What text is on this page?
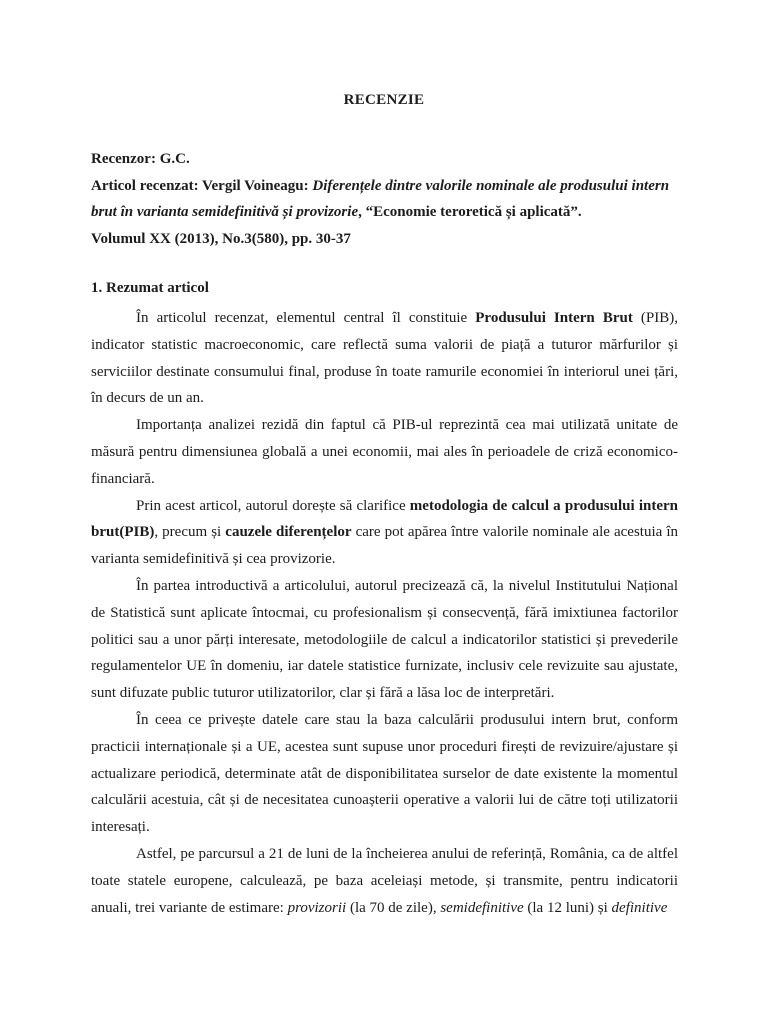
RECENZIE
Recenzor: G.C.
Articol recenzat: Vergil Voineagu: Diferențele dintre valorile nominale ale produsului intern brut în varianta semidefinitivă și provizorie, “Economie teroretică și aplicată”.
Volumul XX (2013), No.3(580), pp. 30-37
1. Rezumat articol

În articolul recenzat, elementul central îl constituie Produsului Intern Brut (PIB), indicator statistic macroeconomic, care reflectă suma valorii de piață a tuturor mărfurilor și serviciilor destinate consumului final, produse în toate ramurile economiei în interiorul unei țări, în decurs de un an.

Importanța analizei rezidă din faptul că PIB-ul reprezintă cea mai utilizată unitate de măsură pentru dimensiunea globală a unei economii, mai ales în perioadele de criză economico-financiară.

Prin acest articol, autorul dorește să clarifice metodologia de calcul a produsului intern brut(PIB), precum și cauzele diferențelor care pot apărea între valorile nominale ale acestuia în varianta semidefinitivă și cea provizorie.

În partea introductivă a articolului, autorul precizează că, la nivelul Institutului Național de Statistică sunt aplicate întocmai, cu profesionalism și consecvență, fără imixtiunea factorilor politici sau a unor părți interesate, metodologiile de calcul a indicatorilor statistici și prevederile regulamentelor UE în domeniu, iar datele statistice furnizate, inclusiv cele revizuite sau ajustate, sunt difuzate public tuturor utilizatorilor, clar și fără a lăsa loc de interpretări.

În ceea ce privește datele care stau la baza calculării produsului intern brut, conform practicii internaționale și a UE, acestea sunt supuse unor proceduri firești de revizuire/ajustare și actualizare periodică, determinate atât de disponibilitatea surselor de date existente la momentul calculării acestuia, cât și de necesitatea cunoașterii operative a valorii lui de către toți utilizatorii interesați.

Astfel, pe parcursul a 21 de luni de la încheierea anului de referință, România, ca de altfel toate statele europene, calculează, pe baza aceleiași metode, și transmite, pentru indicatorii anuali, trei variante de estimare: provizorii (la 70 de zile), semidefinitive (la 12 luni) și definitive
